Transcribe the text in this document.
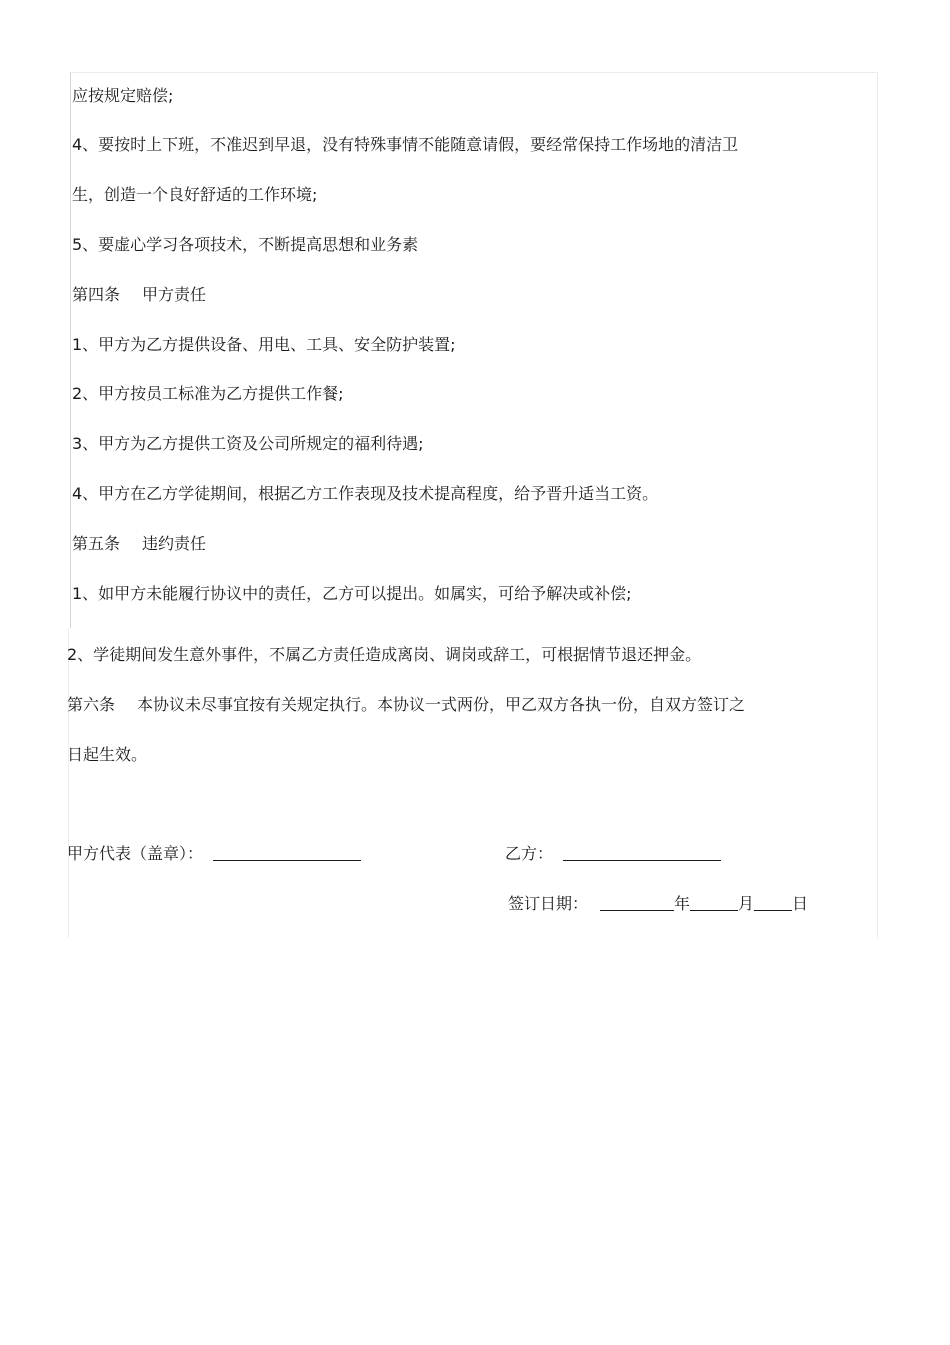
应按规定赔偿;
4、要按时上下班，不准迟到早退，没有特殊事情不能随意请假，要经常保持工作场地的清洁卫
生，创造一个良好舒适的工作环境;
5、要虚心学习各项技术，不断提高思想和业务素
第四条 甲方责任
1、甲方为乙方提供设备、用电、工具、安全防护装置;
2、甲方按员工标准为乙方提供工作餐;
3、甲方为乙方提供工资及公司所规定的福利待遇;
4、甲方在乙方学徒期间，根据乙方工作表现及技术提高程度，给予晋升适当工资。
第五条 违约责任
1、如甲方未能履行协议中的责任，乙方可以提出。如属实，可给予解决或补偿;
2、学徒期间发生意外事件，不属乙方责任造成离岗、调岗或辞工，可根据情节退还押金。
第六条 本协议未尽事宜按有关规定执行。本协议一式两份，甲乙双方各执一份，自双方签订之
日起生效。
甲方代表（盖章）：	乙方：
签订日期：	年	月 日
